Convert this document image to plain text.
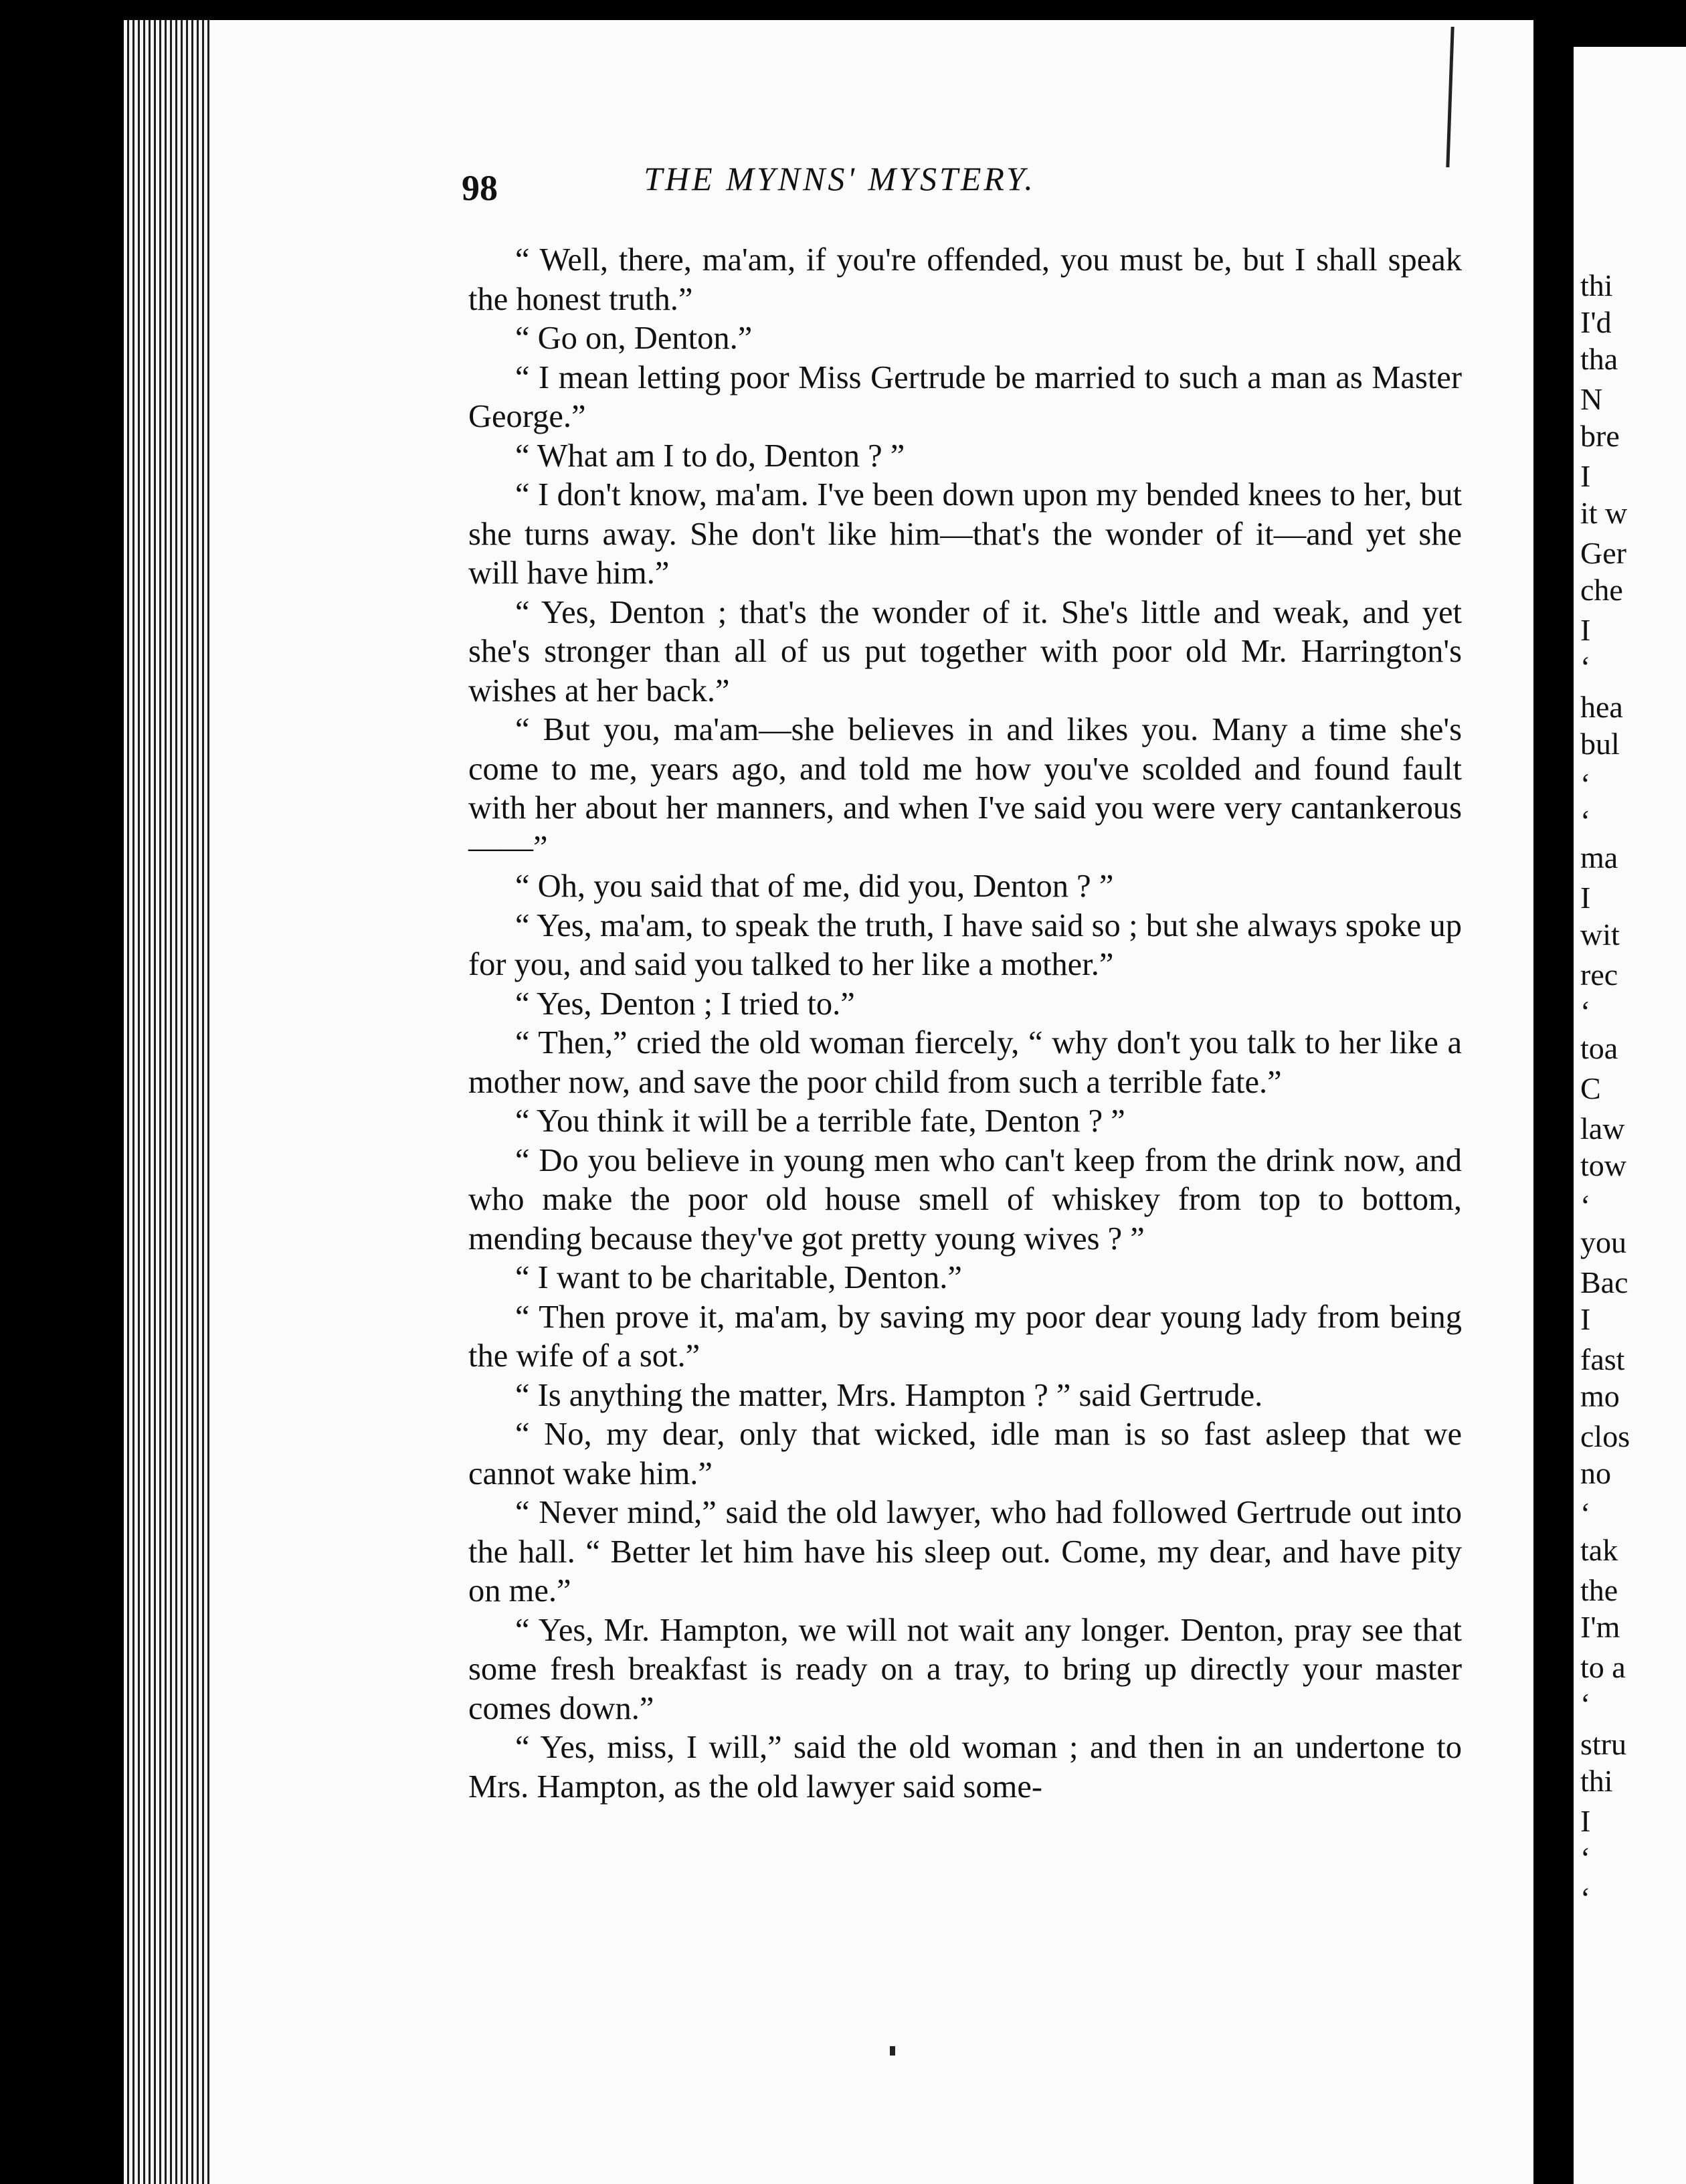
98	THE MYNNS' MYSTERY.

“ Well, there, ma'am, if you're offended, you must be, but I shall speak the honest truth.”

“ Go on, Denton.”

“ I mean letting poor Miss Gertrude be married to such a man as Master George.”

“ What am I to do, Denton ? ”

“ I don't know, ma'am. I've been down upon my bended knees to her, but she turns away. She don't like him—that's the wonder of it—and yet she will have him.”

“ Yes, Denton ; that's the wonder of it. She's little and weak, and yet she's stronger than all of us put together with poor old Mr. Harrington's wishes at her back.”

“ But you, ma'am—she believes in and likes you. Many a time she's come to me, years ago, and told me how you've scolded and found fault with her about her manners, and when I've said you were very cantankerous——”

“ Oh, you said that of me, did you, Denton ? ”

“ Yes, ma'am, to speak the truth, I have said so ; but she always spoke up for you, and said you talked to her like a mother.”

“ Yes, Denton ; I tried to.”

“ Then,” cried the old woman fiercely, “ why don't you talk to her like a mother now, and save the poor child from such a terrible fate.”

“ You think it will be a terrible fate, Denton ? ”

“ Do you believe in young men who can't keep from the drink now, and who make the poor old house smell of whiskey from top to bottom, mending because they've got pretty young wives ? ”

“ I want to be charitable, Denton.”

“ Then prove it, ma'am, by saving my poor dear young lady from being the wife of a sot.”

“ Is anything the matter, Mrs. Hampton ? ” said Gertrude.

“ No, my dear, only that wicked, idle man is so fast asleep that we cannot wake him.”

“ Never mind,” said the old lawyer, who had followed Gertrude out into the hall. “ Better let him have his sleep out. Come, my dear, and have pity on me.”

“ Yes, Mr. Hampton, we will not wait any longer. Denton, pray see that some fresh breakfast is ready on a tray, to bring up directly your master comes down.”

“ Yes, miss, I will,” said the old woman ; and then in an undertone to Mrs. Hampton, as the old lawyer said some-

thi
I'd
tha
N
bre
I
it w
Ger
che
I
‘
hea
bul
‘
‘
ma
I
wit
rec
‘
toa
C
law
tow
‘
you
Bac
I
fast
mo
clos
no
‘
tak
the
I'm
to a
‘
stru
thi
I
‘
‘
